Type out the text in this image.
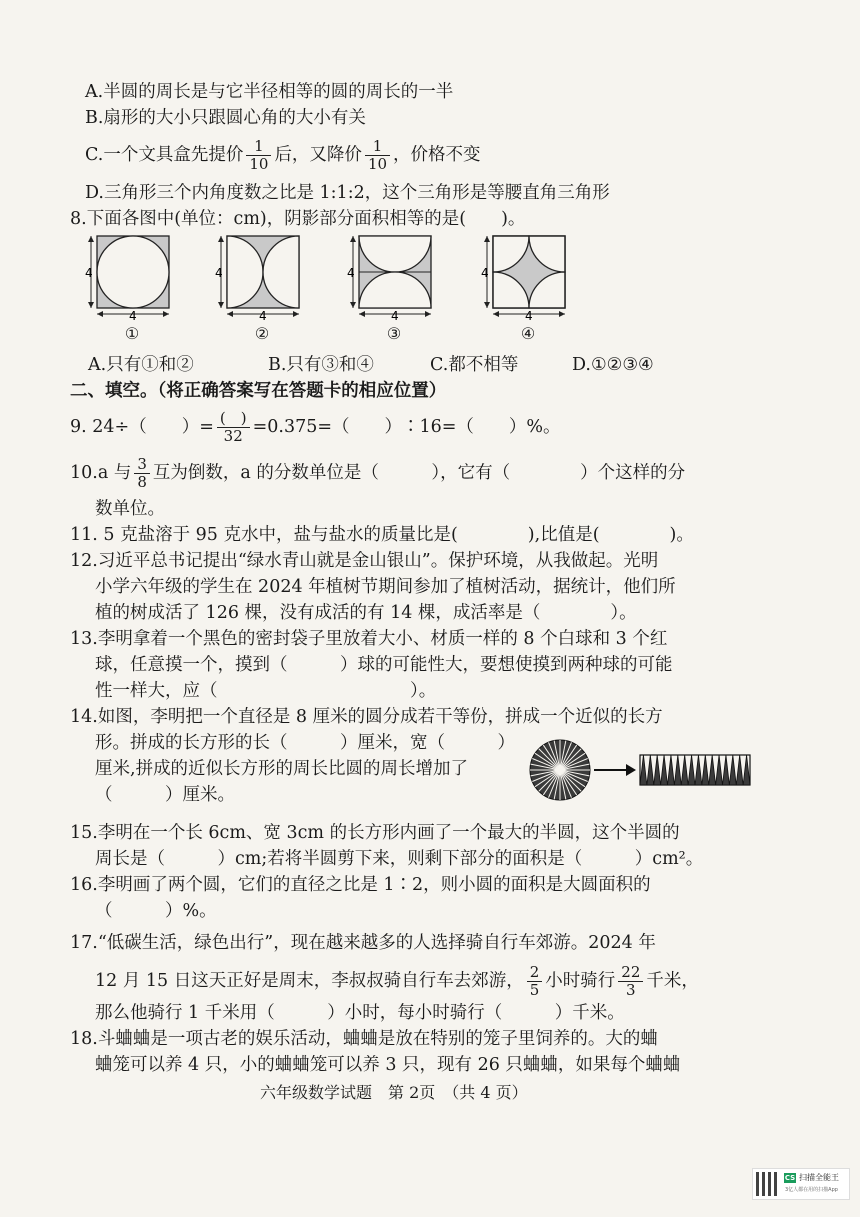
A.半圆的周长是与它半径相等的圆的周长的一半
B.扇形的大小只跟圆心角的大小有关
C.一个文具盒先提价 $\frac{1}{10}$ 后，又降价 $\frac{1}{10}$ ，价格不变
D.三角形三个内角度数之比是 1:1:2，这个三角形是等腰直角三角形
8.下面各图中(单位：cm)，阴影部分面积相等的是(　　)。
4
4
①
4
4
②
4
4
③
4
4
④
A.只有①和②	B.只有③和④	C.都不相等	D.①②③④
二、填空。（将正确答案写在答题卡的相应位置）
9. 24÷（　　）= $\frac{( )}{32} =0.375=$（　　）∶16=（　　）%。
10.a 与 $\frac{3}{8}$ 互为倒数，a 的分数单位是（　　　），它有（　　　　）个这样的分
数单位。
11. 5 克盐溶于 95 克水中，盐与盐水的质量比是(　　　　),比值是(　　　　)。
12.习近平总书记提出“绿水青山就是金山银山”。保护环境，从我做起。光明
小学六年级的学生在 2024 年植树节期间参加了植树活动，据统计，他们所
植的树成活了 126 棵，没有成活的有 14 棵，成活率是（　　　　）。
13.李明拿着一个黑色的密封袋子里放着大小、材质一样的 8 个白球和 3 个红
球，任意摸一个，摸到（　　　）球的可能性大，要想使摸到两种球的可能
性一样大，应（　　　　　　　　　　　）。
14.如图，李明把一个直径是 8 厘米的圆分成若干等份，拼成一个近似的长方
形。拼成的长方形的长（　　　）厘米，宽（　　　）
厘米,拼成的近似长方形的周长比圆的周长增加了
（　　　）厘米。
15.李明在一个长 6cm、宽 3cm 的长方形内画了一个最大的半圆，这个半圆的
周长是（　　　）cm;若将半圆剪下来，则剩下部分的面积是（　　　）cm²。
16.李明画了两个圆，它们的直径之比是 1∶2，则小圆的面积是大圆面积的
（　　　）%。
17.“低碳生活，绿色出行”，现在越来越多的人选择骑自行车郊游。2024 年
12 月 15 日这天正好是周末，李叔叔骑自行车去郊游， $\frac{2}{5}$ 小时骑行 $\frac{22}{3}$ 千米，
那么他骑行 1 千米用（　　　）小时，每小时骑行（　　　）千米。
18.斗蛐蛐是一项古老的娱乐活动，蛐蛐是放在特别的笼子里饲养的。大的蛐
蛐笼可以养 4 只，小的蛐蛐笼可以养 3 只，现有 26 只蛐蛐，如果每个蛐蛐
六年级数学试题　第 2页　（共 4 页）
CS 扫描全能王
3亿人都在用的扫描App
